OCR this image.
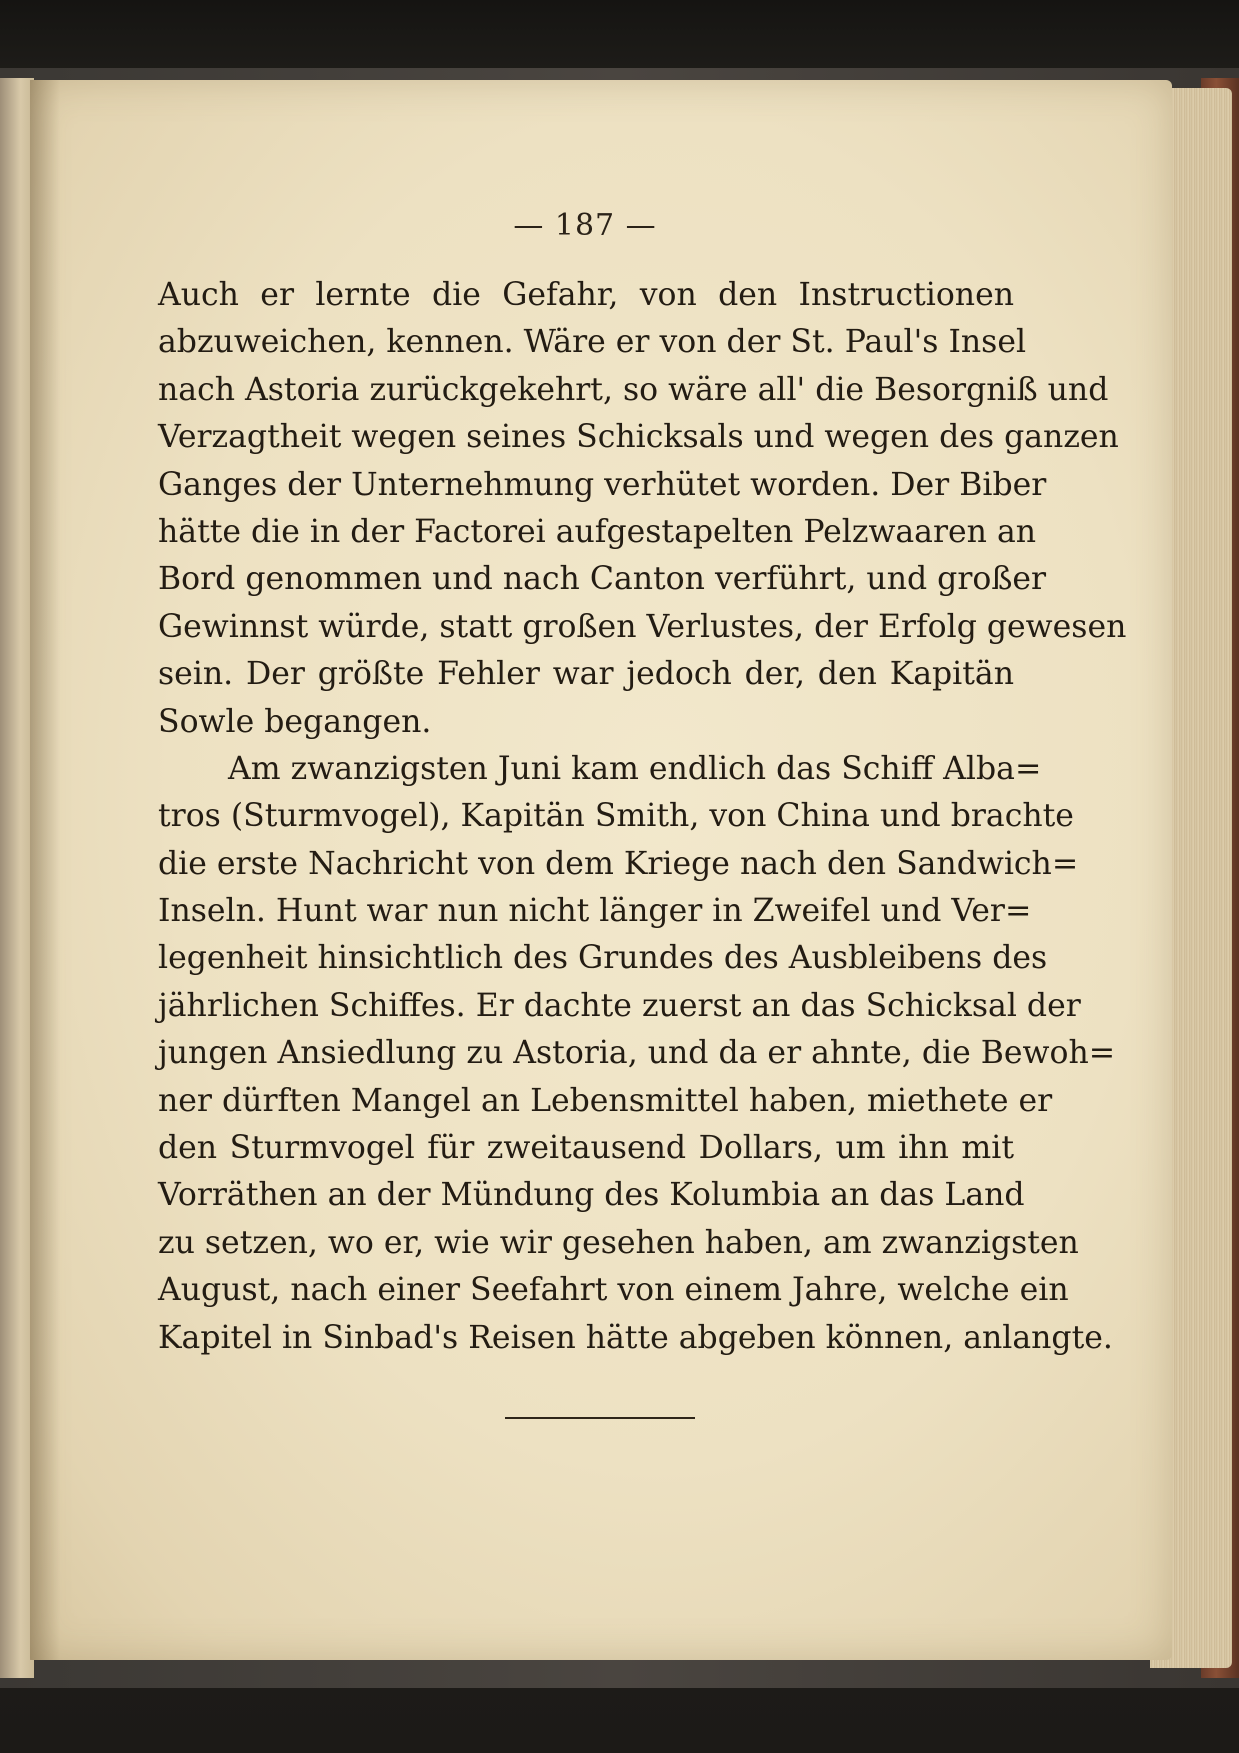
— 187 —
Auch er lernte die Gefahr, von den Instructionen
abzuweichen, kennen. Wäre er von der St. Paul's Insel
nach Astoria zurückgekehrt, so wäre all' die Besorgniß und
Verzagtheit wegen seines Schicksals und wegen des ganzen
Ganges der Unternehmung verhütet worden. Der Biber
hätte die in der Factorei aufgestapelten Pelzwaaren an
Bord genommen und nach Canton verführt, und großer
Gewinnst würde, statt großen Verlustes, der Erfolg gewesen
sein. Der größte Fehler war jedoch der, den Kapitän
Sowle begangen.
Am zwanzigsten Juni kam endlich das Schiff Alba=
tros (Sturmvogel), Kapitän Smith, von China und brachte
die erste Nachricht von dem Kriege nach den Sandwich=
Inseln. Hunt war nun nicht länger in Zweifel und Ver=
legenheit hinsichtlich des Grundes des Ausbleibens des
jährlichen Schiffes. Er dachte zuerst an das Schicksal der
jungen Ansiedlung zu Astoria, und da er ahnte, die Bewoh=
ner dürften Mangel an Lebensmittel haben, miethete er
den Sturmvogel für zweitausend Dollars, um ihn mit
Vorräthen an der Mündung des Kolumbia an das Land
zu setzen, wo er, wie wir gesehen haben, am zwanzigsten
August, nach einer Seefahrt von einem Jahre, welche ein
Kapitel in Sinbad's Reisen hätte abgeben können, anlangte.
